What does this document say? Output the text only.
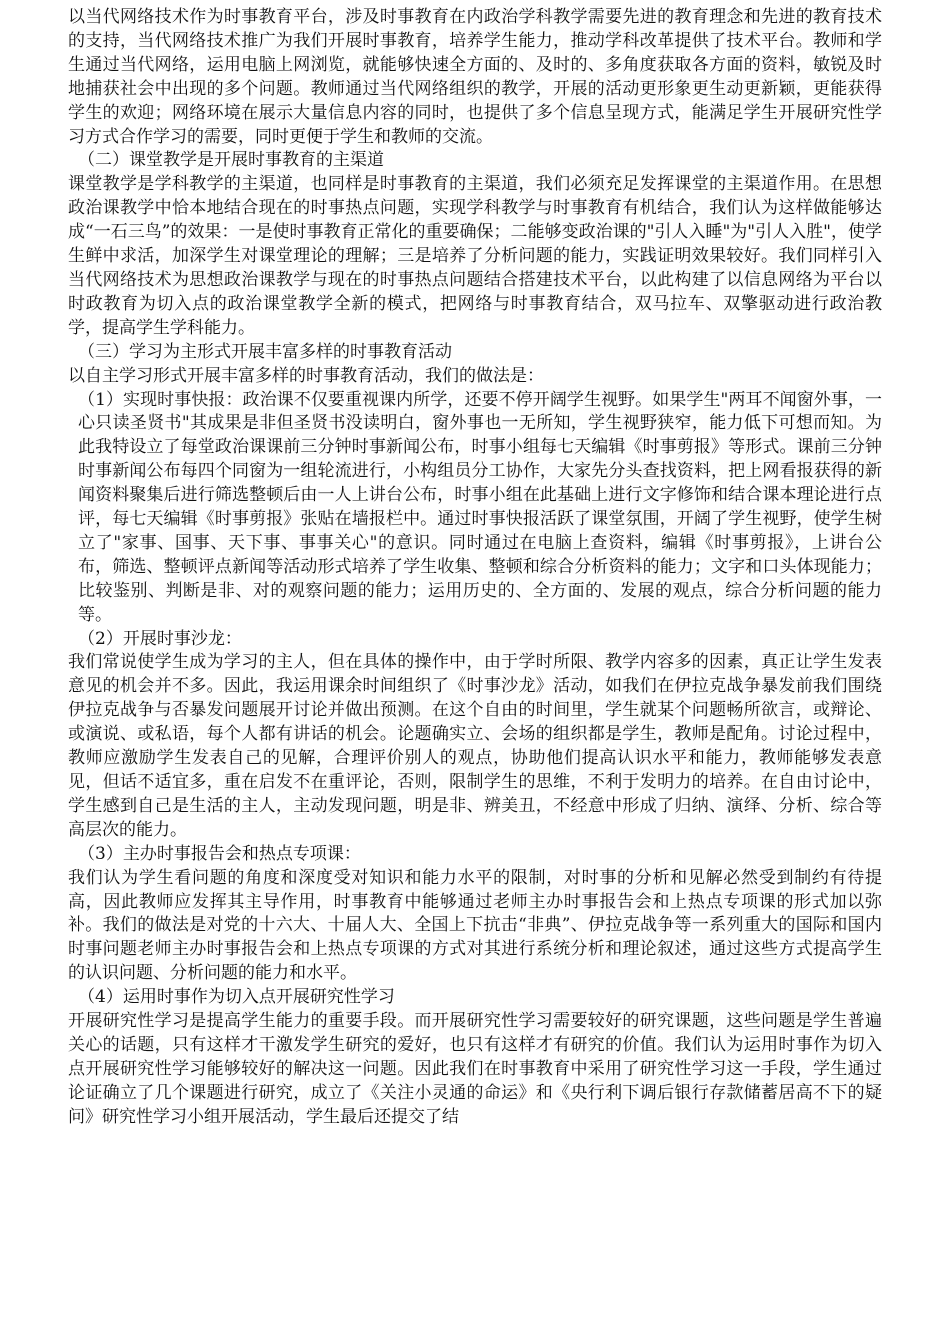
以当代网络技术作为时事教育平台，涉及时事教育在内政治学科教学需要先进的教育理念和先进的教育技术的支持，当代网络技术推广为我们开展时事教育，培养学生能力，推动学科改革提供了技术平台。教师和学生通过当代网络，运用电脑上网浏览，就能够快速全方面的、及时的、多角度获取各方面的资料，敏锐及时地捕获社会中出现的多个问题。教师通过当代网络组织的教学，开展的活动更形象更生动更新颖，更能获得学生的欢迎；网络环境在展示大量信息内容的同时，也提供了多个信息呈现方式，能满足学生开展研究性学习方式合作学习的需要，同时更便于学生和教师的交流。

（二）课堂教学是开展时事教育的主渠道

课堂教学是学科教学的主渠道，也同样是时事教育的主渠道，我们必须充足发挥课堂的主渠道作用。在思想政治课教学中恰本地结合现在的时事热点问题，实现学科教学与时事教育有机结合，我们认为这样做能够达成“一石三鸟”的效果：一是使时事教育正常化的重要确保；二能够变政治课的"引人入睡"为"引人入胜"，使学生鲜中求活，加深学生对课堂理论的理解；三是培养了分析问题的能力，实践证明效果较好。我们同样引入当代网络技术为思想政治课教学与现在的时事热点问题结合搭建技术平台，以此构建了以信息网络为平台以时政教育为切入点的政治课堂教学全新的模式，把网络与时事教育结合，双马拉车、双擎驱动进行政治教学，提高学生学科能力。

（三）学习为主形式开展丰富多样的时事教育活动

以自主学习形式开展丰富多样的时事教育活动，我们的做法是：

（1）实现时事快报：政治课不仅要重视课内所学，还要不停开阔学生视野。如果学生"两耳不闻窗外事，一心只读圣贤书"其成果是非但圣贤书没读明白，窗外事也一无所知，学生视野狭窄，能力低下可想而知。为此我特设立了每堂政治课课前三分钟时事新闻公布，时事小组每七天编辑《时事剪报》等形式。课前三分钟时事新闻公布每四个同窗为一组轮流进行，小构组员分工协作，大家先分头查找资料，把上网看报获得的新闻资料聚集后进行筛选整顿后由一人上讲台公布，时事小组在此基础上进行文字修饰和结合课本理论进行点评，每七天编辑《时事剪报》张贴在墙报栏中。通过时事快报活跃了课堂氛围，开阔了学生视野，使学生树立了"家事、国事、天下事、事事关心"的意识。同时通过在电脑上查资料，编辑《时事剪报》，上讲台公布，筛选、整顿评点新闻等活动形式培养了学生收集、整顿和综合分析资料的能力；文字和口头体现能力；比较鉴别、判断是非、对的观察问题的能力；运用历史的、全方面的、发展的观点，综合分析问题的能力等。

（2）开展时事沙龙：

我们常说使学生成为学习的主人，但在具体的操作中，由于学时所限、教学内容多的因素，真正让学生发表意见的机会并不多。因此，我运用课余时间组织了《时事沙龙》活动，如我们在伊拉克战争暴发前我们围绕伊拉克战争与否暴发问题展开讨论并做出预测。在这个自由的时间里，学生就某个问题畅所欲言，或辩论、或演说、或私语，每个人都有讲话的机会。论题确实立、会场的组织都是学生，教师是配角。讨论过程中，教师应激励学生发表自己的见解，合理评价别人的观点，协助他们提高认识水平和能力，教师能够发表意见，但话不适宜多，重在启发不在重评论，否则，限制学生的思维，不利于发明力的培养。在自由讨论中，学生感到自己是生活的主人，主动发现问题，明是非、辨美丑，不经意中形成了归纳、演绎、分析、综合等高层次的能力。

（3）主办时事报告会和热点专项课：

我们认为学生看问题的角度和深度受对知识和能力水平的限制，对时事的分析和见解必然受到制约有待提高，因此教师应发挥其主导作用，时事教育中能够通过老师主办时事报告会和上热点专项课的形式加以弥补。我们的做法是对党的十六大、十届人大、全国上下抗击“非典”、伊拉克战争等一系列重大的国际和国内时事问题老师主办时事报告会和上热点专项课的方式对其进行系统分析和理论叙述，通过这些方式提高学生的认识问题、分析问题的能力和水平。

（4）运用时事作为切入点开展研究性学习

开展研究性学习是提高学生能力的重要手段。而开展研究性学习需要较好的研究课题，这些问题是学生普遍关心的话题，只有这样才干激发学生研究的爱好，也只有这样才有研究的价值。我们认为运用时事作为切入点开展研究性学习能够较好的解决这一问题。因此我们在时事教育中采用了研究性学习这一手段，学生通过论证确立了几个课题进行研究，成立了《关注小灵通的命运》和《央行利下调后银行存款储蓄居高不下的疑问》研究性学习小组开展活动，学生最后还提交了结
